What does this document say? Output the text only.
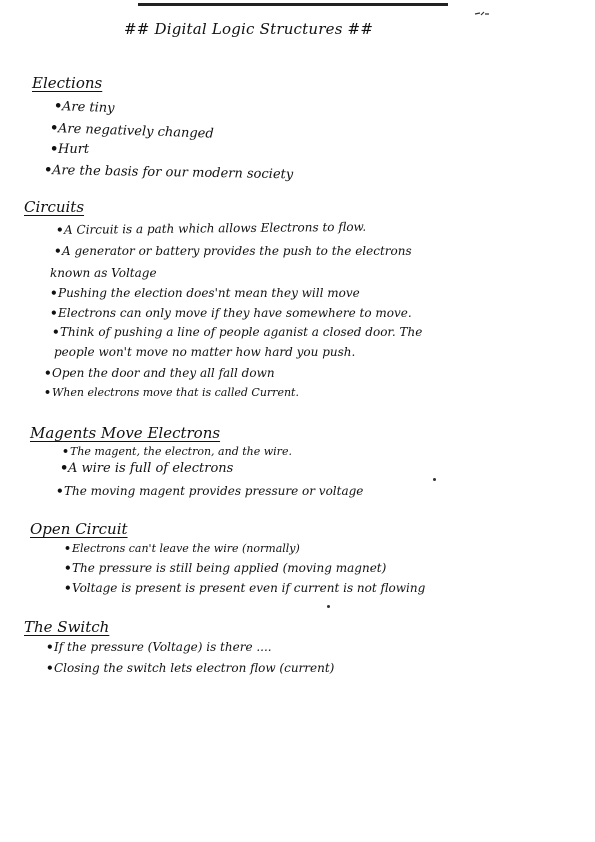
## Digital Logic Structures ##
Elections
•Are tiny
•Are negatively changed
•Hurt
•Are the basis for our modern society
Circuits
•A Circuit is a path which allows Electrons to flow.
•A generator or battery provides the push to the electrons
known as Voltage
•Pushing the election does'nt mean they will move
•Electrons can only move if they have somewhere to move.
•Think of pushing a line of people aganist a closed door. The
people won't move no matter how hard you push.
•Open the door and they all fall down
•When electrons move that is called Current.
Magents Move Electrons
•The magent, the electron, and the wire.
•A wire is full of electrons
•The moving magent provides pressure or voltage
Open Circuit
•Electrons can't leave the wire (normally)
•The pressure is still being applied (moving magnet)
•Voltage is present is present even if current is not flowing
The Switch
•If the pressure (Voltage) is there ....
•Closing the switch lets electron flow (current)
